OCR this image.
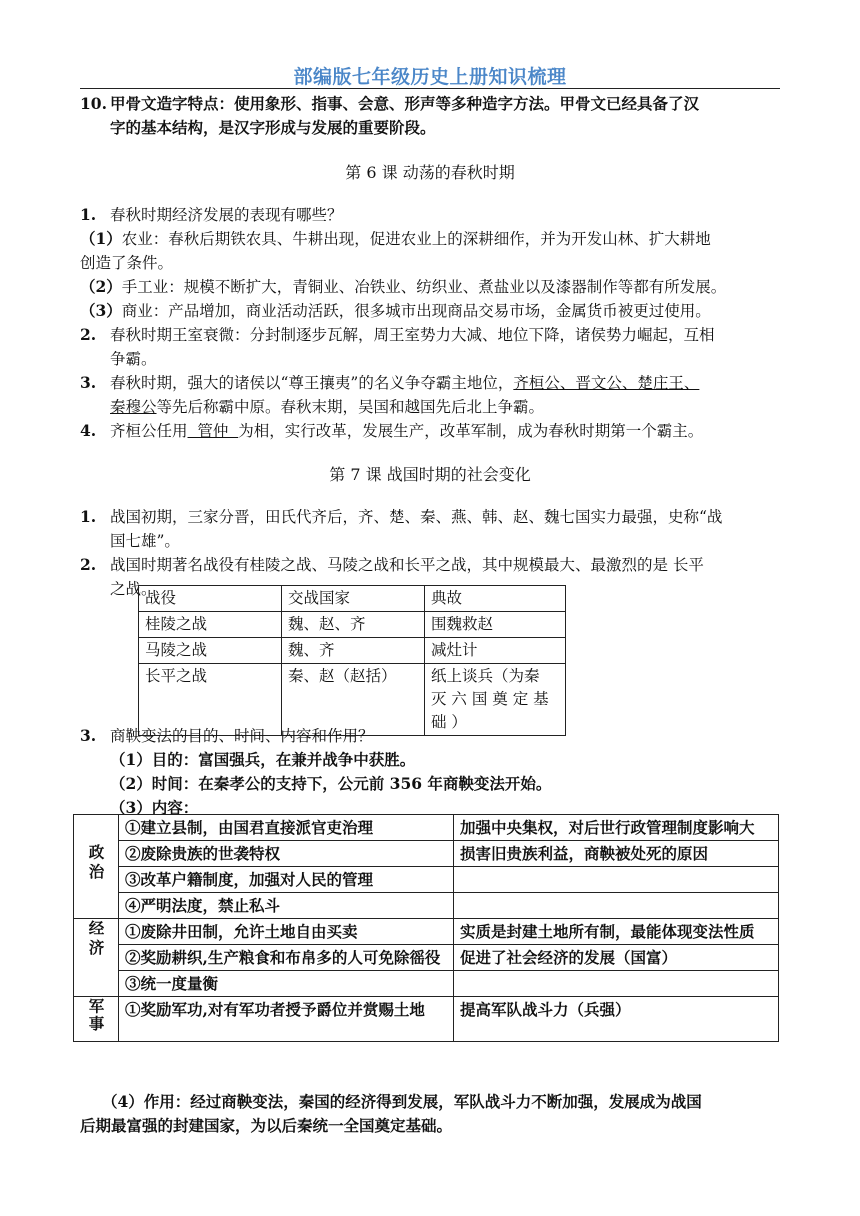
部编版七年级历史上册知识梳理
10. 甲骨文造字特点：使用象形、指事、会意、形声等多种造字方法。甲骨文已经具备了汉
字的基本结构，是汉字形成与发展的重要阶段。
第 6 课 动荡的春秋时期
1. 春秋时期经济发展的表现有哪些？
（1）农业：春秋后期铁农具、牛耕出现，促进农业上的深耕细作，并为开发山林、扩大耕地
创造了条件。
（2）手工业：规模不断扩大，青铜业、冶铁业、纺织业、煮盐业以及漆器制作等都有所发展。
（3）商业：产品增加，商业活动活跃，很多城市出现商品交易市场，金属货币被更过使用。
2. 春秋时期王室衰微：分封制逐步瓦解，周王室势力大减、地位下降，诸侯势力崛起，互相
争霸。
3. 春秋时期，强大的诸侯以“尊王攘夷”的名义争夺霸主地位，齐桓公、晋文公、楚庄王、
秦穆公等先后称霸中原。春秋末期，吴国和越国先后北上争霸。
4. 齐桓公任用  管仲  为相，实行改革，发展生产，改革军制，成为春秋时期第一个霸主。
第 7 课 战国时期的社会变化
1. 战国初期，三家分晋，田氏代齐后，齐、楚、秦、燕、韩、赵、魏七国实力最强，史称“战
国七雄”。
2. 战国时期著名战役有桂陵之战、马陵之战和长平之战，其中规模最大、最激烈的是 长平
之战。
战役	交战国家	典故
桂陵之战	魏、赵、齐	围魏救赵
马陵之战	魏、齐	减灶计
长平之战	秦、赵（赵括）	纸上谈兵（为秦
灭 六 国 奠 定 基
础 ）
3. 商鞅变法的目的、时间、内容和作用？
（1）目的：富国强兵，在兼并战争中获胜。
（2）时间：在秦孝公的支持下，公元前 356 年商鞅变法开始。
（3）内容：
政治	①建立县制，由国君直接派官吏治理	加强中央集权，对后世行政管理制度影响大
	②废除贵族的世袭特权	损害旧贵族利益，商鞅被处死的原因
	③改革户籍制度，加强对人民的管理	
	④严明法度，禁止私斗	
经济	①废除井田制，允许土地自由买卖	实质是封建土地所有制，最能体现变法性质
	②奖励耕织,生产粮食和布帛多的人可免除徭役	促进了社会经济的发展（国富）
	③统一度量衡	
军事	①奖励军功,对有军功者授予爵位并赏赐土地	提高军队战斗力（兵强）
（4）作用：经过商鞅变法，秦国的经济得到发展，军队战斗力不断加强，发展成为战国
后期最富强的封建国家，为以后秦统一全国奠定基础。
